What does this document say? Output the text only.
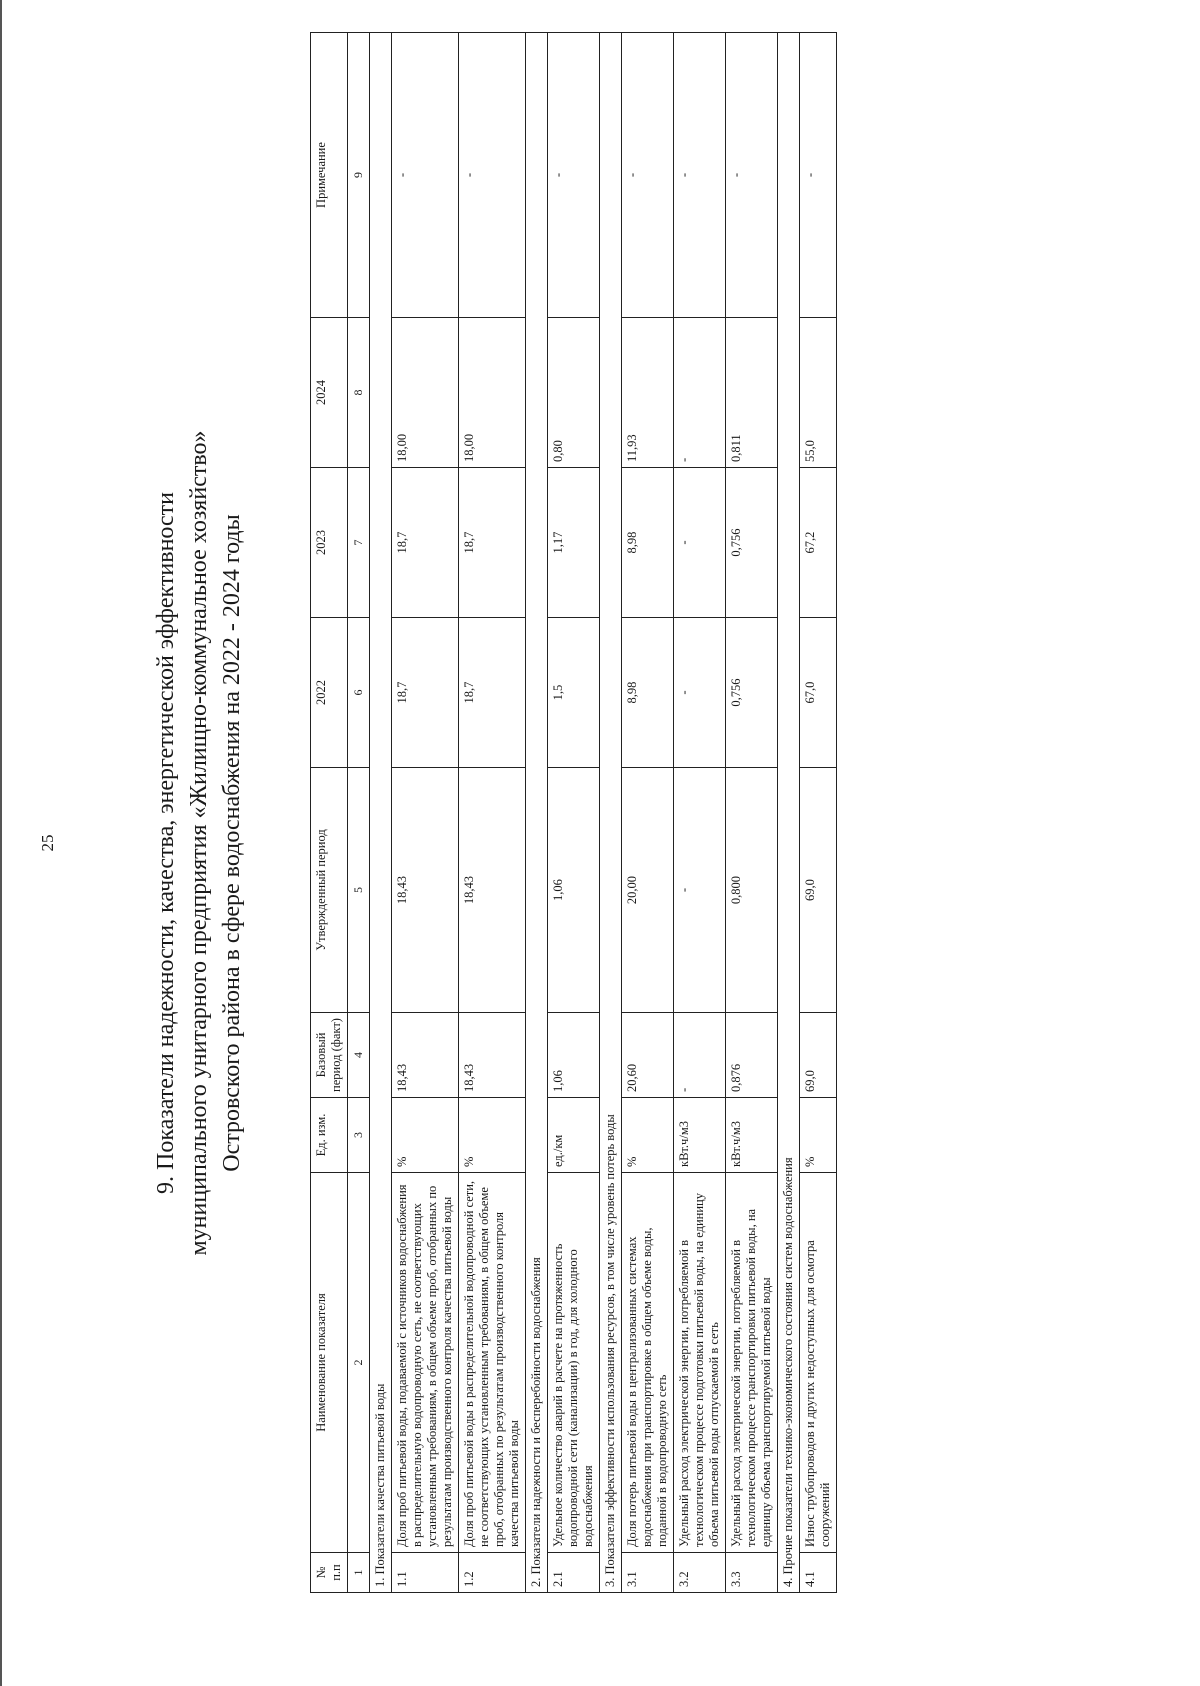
25	9. Показатели надежности, качества, энергетической эффективности муниципального унитарного предприятия «Жилищно-коммунальное хозяйство» Островского района в сфере водоснабжения на 2022 - 2024 годы
№ п.п	Наименование показателя	Ед. изм.	Базовый период (факт)	Утвержденный период	2022	2023	2024	Примечание
1	2	3	4	5	6	7	8	9
1. Показатели качества питьевой воды								
1.1	Доля проб питьевой воды, подаваемой с источников водоснабжения в распределительную водопроводную сеть, не соответствующих установленным требованиям, в общем объеме проб, отобранных по результатам производственного контроля качества питьевой воды	%	18,43	18,43	18,7	18,7	18,00	-
1.2	Доля проб питьевой воды в распределительной водопроводной сети, не соответствующих установленным требованиям, в общем объеме проб, отобранных по результатам производственного контроля качества питьевой воды	%	18,43	18,43	18,7	18,7	18,00	-
2. Показатели надежности и бесперебойности водоснабжения								
2.1	Удельное количество аварий в расчете на протяженность водопроводной сети (канализации) в год, для холодного водоснабжения	ед./км	1,06	1,06	1,5	1,17	0,80	-
3. Показатели эффективности использования ресурсов, в том числе уровень потерь воды								
3.1	Доля потерь питьевой воды в централизованных системах водоснабжения при транспортировке в общем объеме воды, поданной в водопроводную сеть	%	20,60	20,00	8,98	8,98	11,93	-
3.2	Удельный расход электрической энергии, потребляемой в технологическом процессе подготовки питьевой воды, на единицу объема питьевой воды отпускаемой в сеть	кВт.ч/м3	-	-	-	-	-	-
3.3	Удельный расход электрической энергии, потребляемой в технологическом процессе транспортировки питьевой воды, на единицу объема транспортируемой питьевой воды	кВт.ч/м3	0,876	0,800	0,756	0,756	0,811	-
4. Прочие показатели технико-экономического состояния систем водоснабжения								
4.1	Износ трубопроводов и других недоступных для осмотра сооружений	%	69,0	69,0	67,0	67,2	55,0	-
